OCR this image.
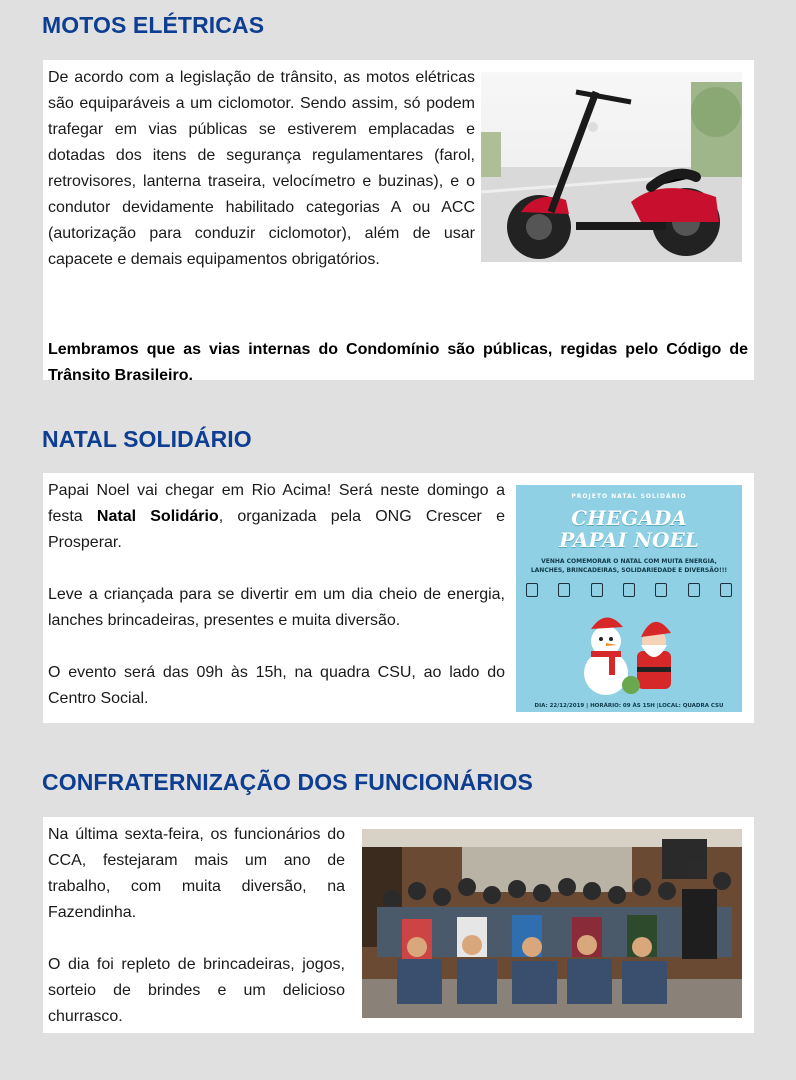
MOTOS ELÉTRICAS

De acordo com a legislação de trânsito, as motos elétricas são equiparáveis a um ciclomotor. Sendo assim, só podem trafegar em vias públicas se estiverem emplacadas e dotadas dos itens de segurança regulamentares (farol, retrovisores, lanterna traseira, velocímetro e buzinas), e o condutor devidamente habilitado categorias A ou ACC (autorização para conduzir ciclomotor), além de usar capacete e demais equipamentos obrigatórios.

Lembramos que as vias internas do Condomínio são públicas, regidas pelo Código de Trânsito Brasileiro.

NATAL SOLIDÁRIO

Papai Noel vai chegar em Rio Acima! Será neste domingo a festa Natal Solidário, organizada pela ONG Crescer e Prosperar.

Leve a criançada para se divertir em um dia cheio de energia, lanches brincadeiras, presentes e muita diversão.

O evento será das 09h às 15h, na quadra CSU, ao lado do Centro Social.

PROJETO NATAL SOLIDÁRIO
CHEGADA
PAPAI NOEL
VENHA COMEMORAR O NATAL COM MUITA ENERGIA, LANCHES, BRINCADEIRAS, SOLIDARIEDADE E DIVERSÃO!!!
DIA: 22/12/2019 | HORÁRIO: 09 ÀS 15H |LOCAL: QUADRA CSU
CONFRATERNIZAÇÃO DOS FUNCIONÁRIOS

Na última sexta-feira, os funcionários do CCA, festejaram mais um ano de trabalho, com muita diversão, na Fazendinha.

O dia foi repleto de brincadeiras, jogos, sorteio de brindes e um delicioso churrasco.
